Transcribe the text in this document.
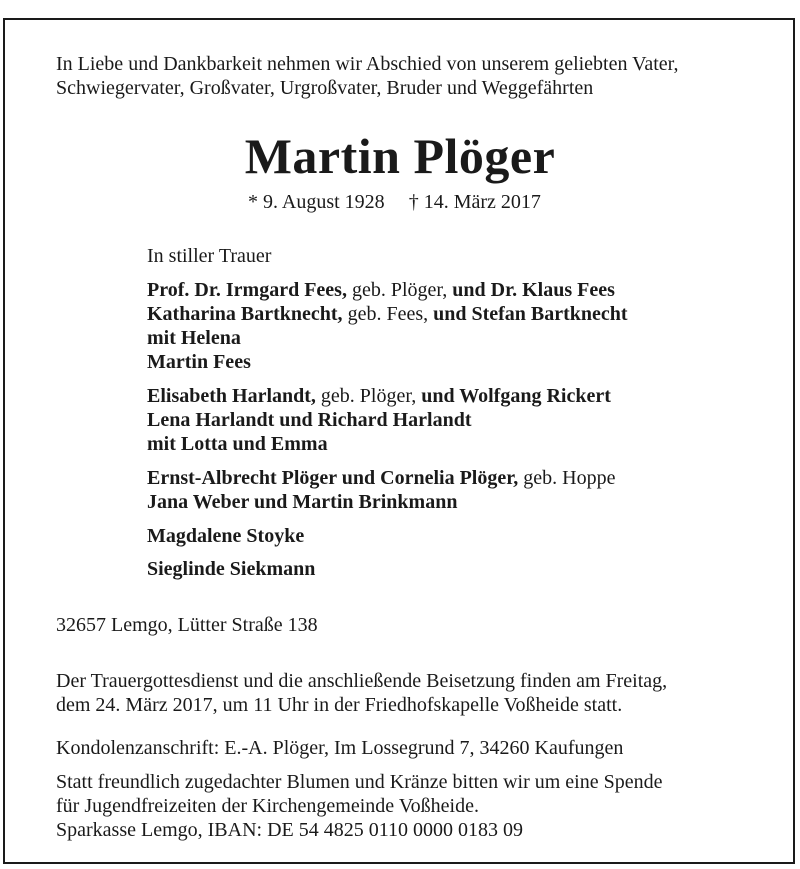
In Liebe und Dankbarkeit nehmen wir Abschied von unserem geliebten Vater,
Schwiegervater, Großvater, Urgroßvater, Bruder und Weggefährten
Martin Plöger
* 9. August 1928 † 14. März 2017
In stiller Trauer
Prof. Dr. Irmgard Fees, geb. Plöger, und Dr. Klaus Fees
Katharina Bartknecht, geb. Fees, und Stefan Bartknecht
mit Helena
Martin Fees
Elisabeth Harlandt, geb. Plöger, und Wolfgang Rickert
Lena Harlandt und Richard Harlandt
mit Lotta und Emma
Ernst-Albrecht Plöger und Cornelia Plöger, geb. Hoppe
Jana Weber und Martin Brinkmann
Magdalene Stoyke
Sieglinde Siekmann
32657 Lemgo, Lütter Straße 138
Der Trauergottesdienst und die anschließende Beisetzung finden am Freitag,
dem 24. März 2017, um 11 Uhr in der Friedhofskapelle Voßheide statt.
Kondolenzanschrift: E.-A. Plöger, Im Lossegrund 7, 34260 Kaufungen
Statt freundlich zugedachter Blumen und Kränze bitten wir um eine Spende
für Jugendfreizeiten der Kirchengemeinde Voßheide.
Sparkasse Lemgo, IBAN: DE 54 4825 0110 0000 0183 09
